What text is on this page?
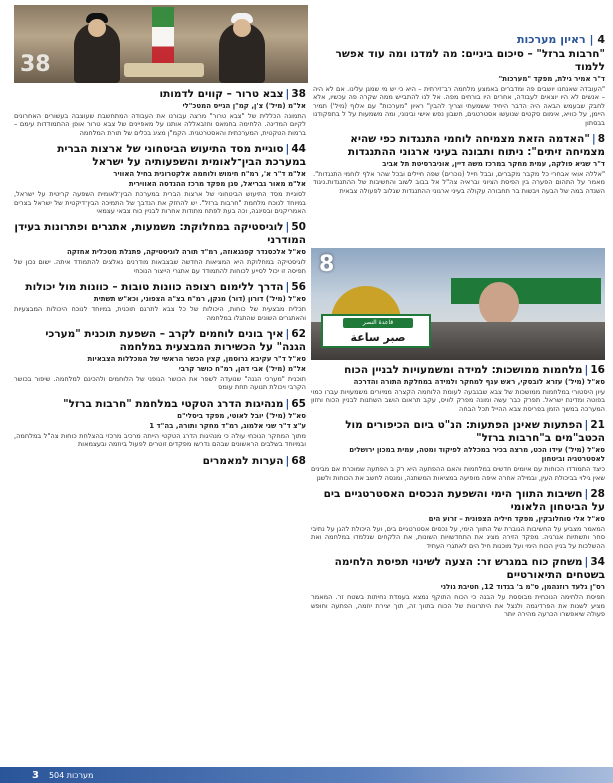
38
4 | ראיון מערכות
"חרבות ברזל" – סיכום ביניים: מה למדנו ומה עוד אפשר ללמוד
ד"ר אמיר גילת, מפקד "מערכות"
"העובדה שאנחנו יושבים פה ומדברים באמצע מלחמה רב־זירתית – היא כי יש מי שמגן עלינו. אם לא היה – אנשים לא היו יוצאים לעבודה, אחרים היו בורחים מפה. אל לנו להתבייש ממה שקרה פה עכשיו, אלא לחבק שבעמש הבאה היה הדבר היחיד ששמעתי וצריך להבין" ראיון "מערכות" עם אלוף (מיל') תמיר היימן, על כוויא, אימום סקטים שנועשו אסטרטגים, חשבון נפש אישי ובינוני, ומה משמעות על ל בתפקודנו בבסתון
8|"האדמה הזאת מצמיחה לוחמי התנגדות כפי שהיא מצמיחה זיתים": ניתוח ותבונה בעיני ארגוני ההתנגדות
ד"ר שגיא פולקה, עמית מחקר במרכז משה דיין, אוניברסיטת תל אביב
"אללה אואי אבחרי כל מקבר מקברים, ובבל חייל (נוכרים) שפה חיילים ובכל שהר אלף לוחמי התנגדות". מאמר על התהום הפערה בין הפיסת הציוני ובראיה צה"ל אל בבוב לשוב והחשיבות של ההתנגדות.ניגוד השנדה במה של הבעה ויבשות בר תחבורה עקולה בעיני ארגוני ההתנגדות שגלוב לפעולה צבאית
قاعدة النصر
صبر ساعة
8
16|מלחמות ממושכות: למידה ומשמעויות לבניין הכוח
סא"ל (מיל') עזרא לובסקי, ראש ענף למחקר ולמידה במחלקת התורה והדרכה
עיון היסטורי במלחמות ממושכות של צבא שבגבעה לעומת הלוחמה הקצרה ממיורים משמעויות עברו כמוי בפוטה ומדינת ישראל. תפרק כבר עשה ומונה מפרק לוויס, עקב תראום הושב השתנות לבניין הכוח וחזון המערכה במשך הזמן בפריסת צבא ההייל תכל הבחה
21|הפתעות שאינן הפתעות: הנ"ט ביום הכיפורים מול הכטב"מים ב"חרבות ברזל"
סא"ל (מיל') עידו הכט, מרצה בכיר במכללה לפיקוד ומטה, עמית במכון ירושלים לאסטרטגיה וביטחון
כיצד התמודדו הכוחות עם איומים חדשים במלחמות והאם ההפתעה היא רק ב הפתעה שמוכרת אם מבינים שאין גילוי בביכולת העין, ובמילה אחרה איפה מופיעה במציאות המשתנה, ומנסה לחשב את הכוחות ולשנן
28|חשיבות התווך הימי והשפעת הנכסים האסטרטגיים בים על הביטחון הלאומי
סא"ל אלי סוחלובקין, מפקד חיליה הצפונית – זרוע הים
המאמר מצביע על החשיבות הגוברת של התווך הימי, על נכסים אסטרטגיים בים, ועל היכולת להגן על נתיבי סחר ותשתיות אנרגיה. מפקד הזירה מציג את התחדשויות השונות, את הלקחים שנלמדו במלחמה ואת ההשלכות על בניין הכוח הימי ועל מוכנות חיל הים לאתגרי העתיד
34|משחק כוח במגרש זר: הצעה לשינוי תפיסת הלחימה בשטחים התיאורטיים
רס"ן גלעד רוזנהמן, ס"מ ב' בגדוד 12, חטיבת גולני
תפיסת הלחימה הנוכחית מבוססת על הבנה כי הכוח התוקף נמצא בעמדת נחיתות בשטח זר. המאמר מציע לשנות את הפרדיגמה ולנצל את היתרונות של הכוח בתווך זה, תוך יצירת יוזמה, הפתעה וחופש פעולה שיאפשרו הכרעה מהירה יותר
38|צבא טרור – קווים לדמותו
אל"מ (מיל') צ'ן, קמ"ן הגייס המטכ"לי
התמונה הכללית של "צבא טרור" מרצה עבורנו את העבודה המתחשבת שעוצבה בעשורים האחרונים לקיום המדינה. הלחימה בחמאס וחזבאללה אותנו על מאפיינים של צבא טרור אופן ההתמודדות עימם – ברמות הטקטית, המערכתית והאסטרטגית. הקמ"ן מציג בכלים של תורת המלחמה
44|סוגיית מסד התיעוש הביטחוני של ארצות הברית במערכת הבין־לאומית והשפעותיה על ישראל
אל"מ ד"ר א', רמ"ח חימוש ולוחמה אלקטרונית בחיל האוויר
אל"מ מאור גבריאל, סגן מפקד מרכז ההנדסה האווירית
לסוגיית מסד התיעוש הביטחוני של ארצות הברית במערכת הבין־לאומית השפעה קריטית על ישראל, במיוחד לנוכח מלחמת "חרבות ברזל". יש להחזק את הנדבך של התמיכה הבין־דיקטית של ישראל בצרים האמריקנים ובסינגה, וכה בעת לפתח מתודות אחרות לבניין כוח צבאי עצמאי
50|לוגיסטיקה במחלוקת: משמעות, אתגרים ופתרונות בעידן המודרני
סא"ל אלכסנדר קפנגאוזה, רמ"ד תורה לוגיסטיקה, פתנלת מטכלית אחזקה
לוגיסטיקה במחלוקת היא המציאות החדשה שבצבאות מודרנים נאלצים להתמודד איתה. ישום נכון של תפיסה זו יכול לסייע לכוחות להתמודד עם אתגרי הייצור הנוכחי
56|הדרך ללימום רצופה כוונות טובות – כוונות מול יכולות
סא"ל (מיל') דורון (דור) מנקן, רמ"ח בצ"ה הצפוני, וכא"ש תשתית
תכלית מבצעית של כוחות, היכולות של כל צבא לתרגם תוכנית, במיוחד לנוכח היכולות המבצעיות והאתגרים השונים שהתגלו במלחמה
62|איך בונים לוחמים לקרב – השפעת תוכנית "מערכי הגנה" על הכשירות המבצעית במלחמה
סא"ל ד"ר עקיבא גרוסמן, קצין הכשר הראשי של המכללות הצבאיות
אל"מ (מיל') אבי דהן, רמ"ח כושר קרבי
תוכנית "מערכי הגנה" שנועדה לשפר את הכושר הגופני של הלוחמים ולהכינם למלחמה. שיפור בכושר הקרבי ויכולת תנועה תחת עומס
65|מנהיגות הדרג הטקטי במלחמת "חרבות ברזל"
סא"ל (מיל') יובל לאוטי, מפקד ביסלי"ם
ע"צ ד"ר שני אלמוג, רמ"ד מחקר ותורה, בה"ד 1
מתוך המחקר הנוכחי עולה כי מנהיגות הדרג הטקטי הייתה מרכיב מרכזי בהצלחת כוחות צה"ל במלחמה, ובמיוחד בשלבים הראשונים שבהם נדרשו מפקדים זוטרים לפעול ביוזמה ובעצמאות
68|הערות למאמרים
3 מערכות 504
